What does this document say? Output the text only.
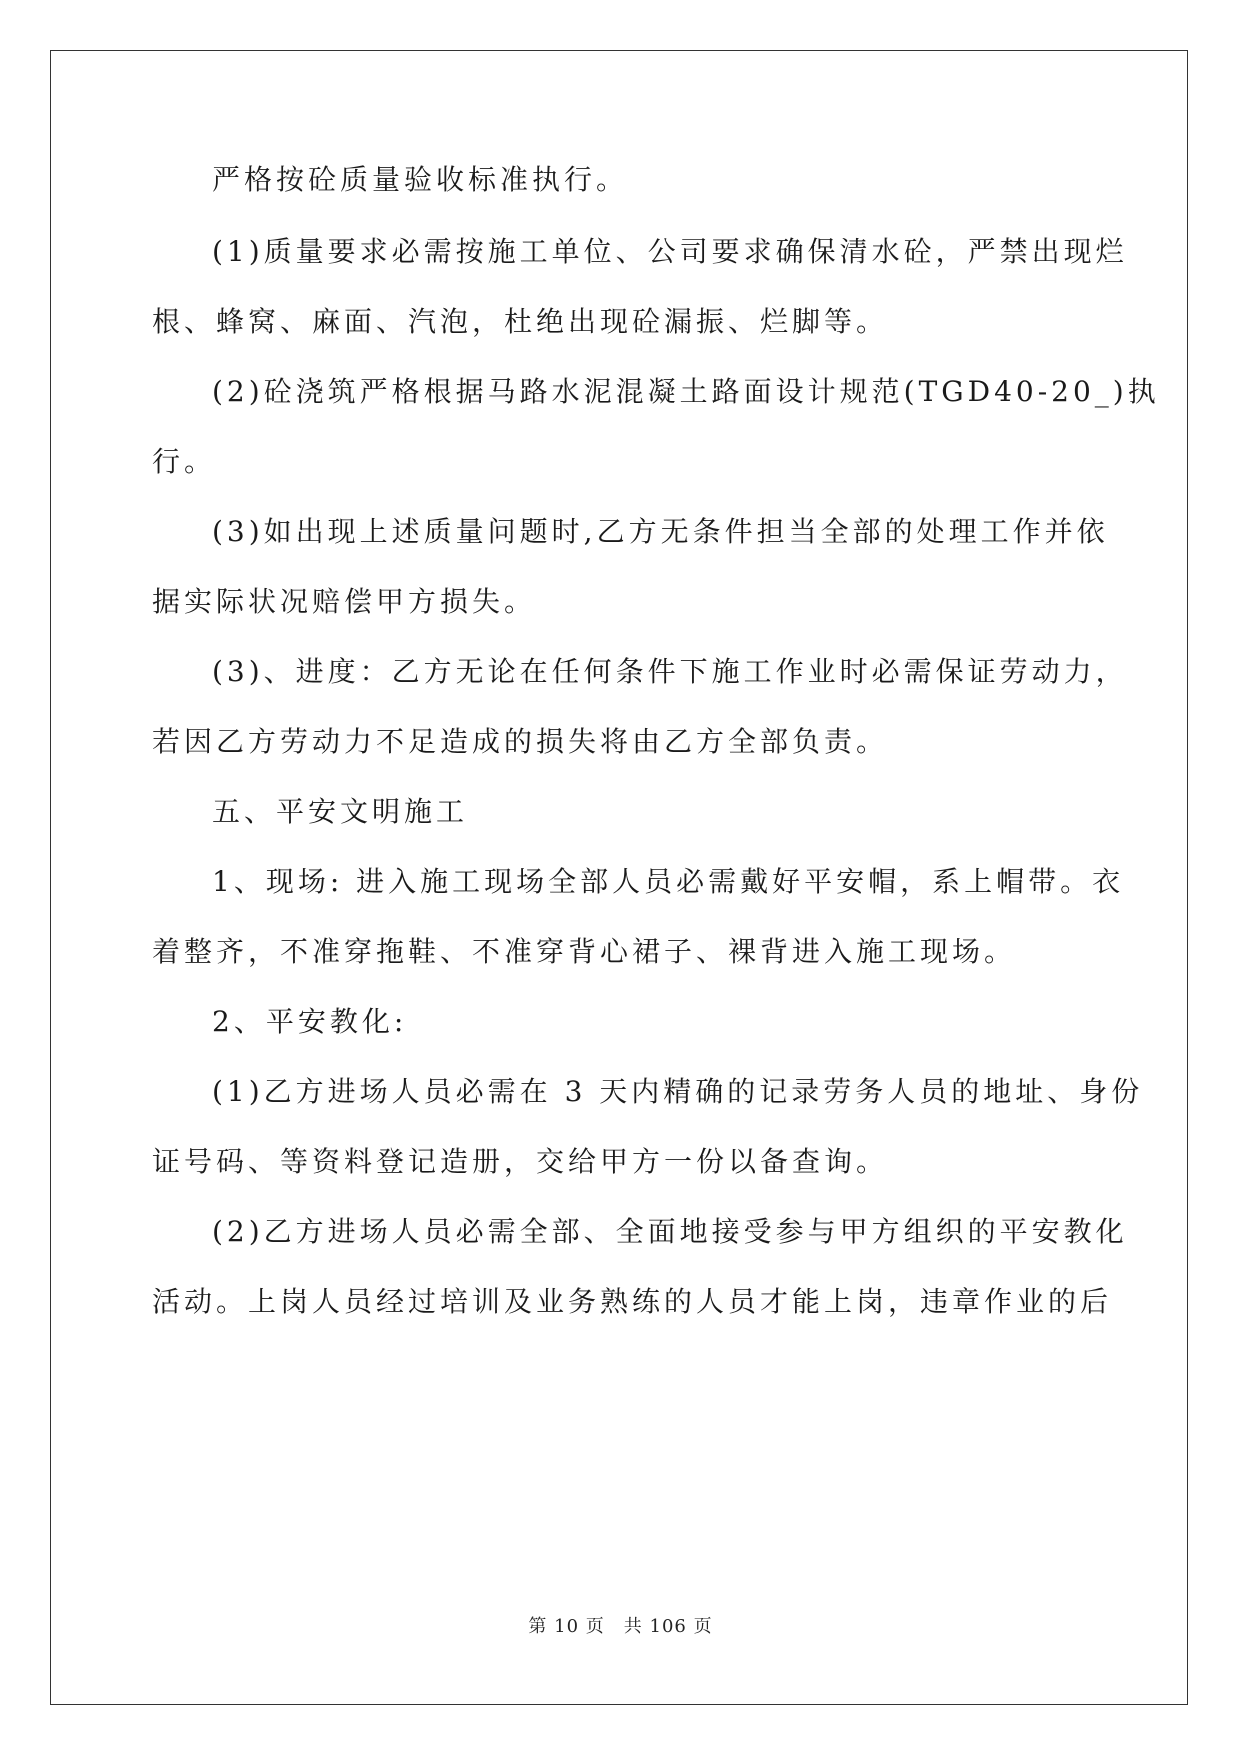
严格按砼质量验收标准执行。
(1)质量要求必需按施工单位、公司要求确保清水砼，严禁出现烂
根、蜂窝、麻面、汽泡，杜绝出现砼漏振、烂脚等。
(2)砼浇筑严格根据马路水泥混凝土路面设计规范(TGD40-20_)执
行。
(3)如出现上述质量问题时,乙方无条件担当全部的处理工作并依
据实际状况赔偿甲方损失。
(3)、进度：乙方无论在任何条件下施工作业时必需保证劳动力，
若因乙方劳动力不足造成的损失将由乙方全部负责。
五、平安文明施工
1、现场: 进入施工现场全部人员必需戴好平安帽，系上帽带。衣
着整齐，不准穿拖鞋、不准穿背心裙子、裸背进入施工现场。
2、平安教化:
(1)乙方进场人员必需在 3 天内精确的记录劳务人员的地址、身份
证号码、等资料登记造册，交给甲方一份以备查询。
(2)乙方进场人员必需全部、全面地接受参与甲方组织的平安教化
活动。上岗人员经过培训及业务熟练的人员才能上岗，违章作业的后
第 10 页　共 106 页
